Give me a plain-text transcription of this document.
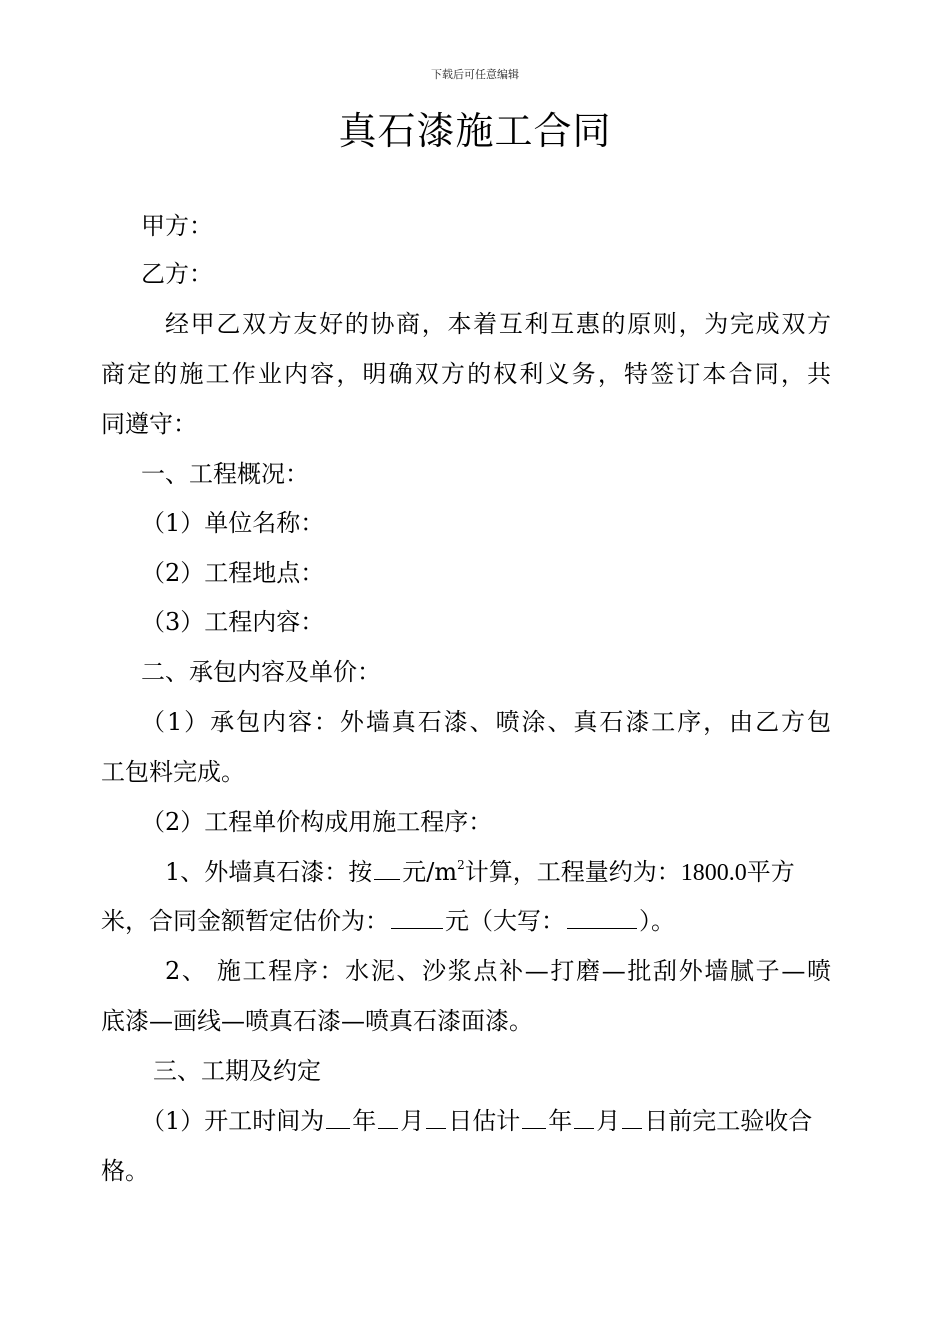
下载后可任意编辑
真石漆施工合同
甲方：
乙方：
经甲乙双方友好的协商，本着互利互惠的原则，为完成双方
商定的施工作业内容，明确双方的权利义务，特签订本合同，共
同遵守：
一、工程概况：
（1）单位名称：
（2）工程地点：
（3）工程内容：
二、承包内容及单价：
（1）承包内容：外墙真石漆、喷涂、真石漆工序，由乙方包
工包料完成。
（2）工程单价构成用施工程序：
1、外墙真石漆：按 元$/m^2$计算，工程量约为：1800.0平方
米，合同金额暂定估价为： 元（大写：	）。
2、 施工程序：水泥、沙浆点补—打磨—批刮外墙腻子—喷
底漆—画线—喷真石漆—喷真石漆面漆。
三、工期及约定
（1）开工时间为 年 月 日估计 年 月 日前完工验收合
格。
